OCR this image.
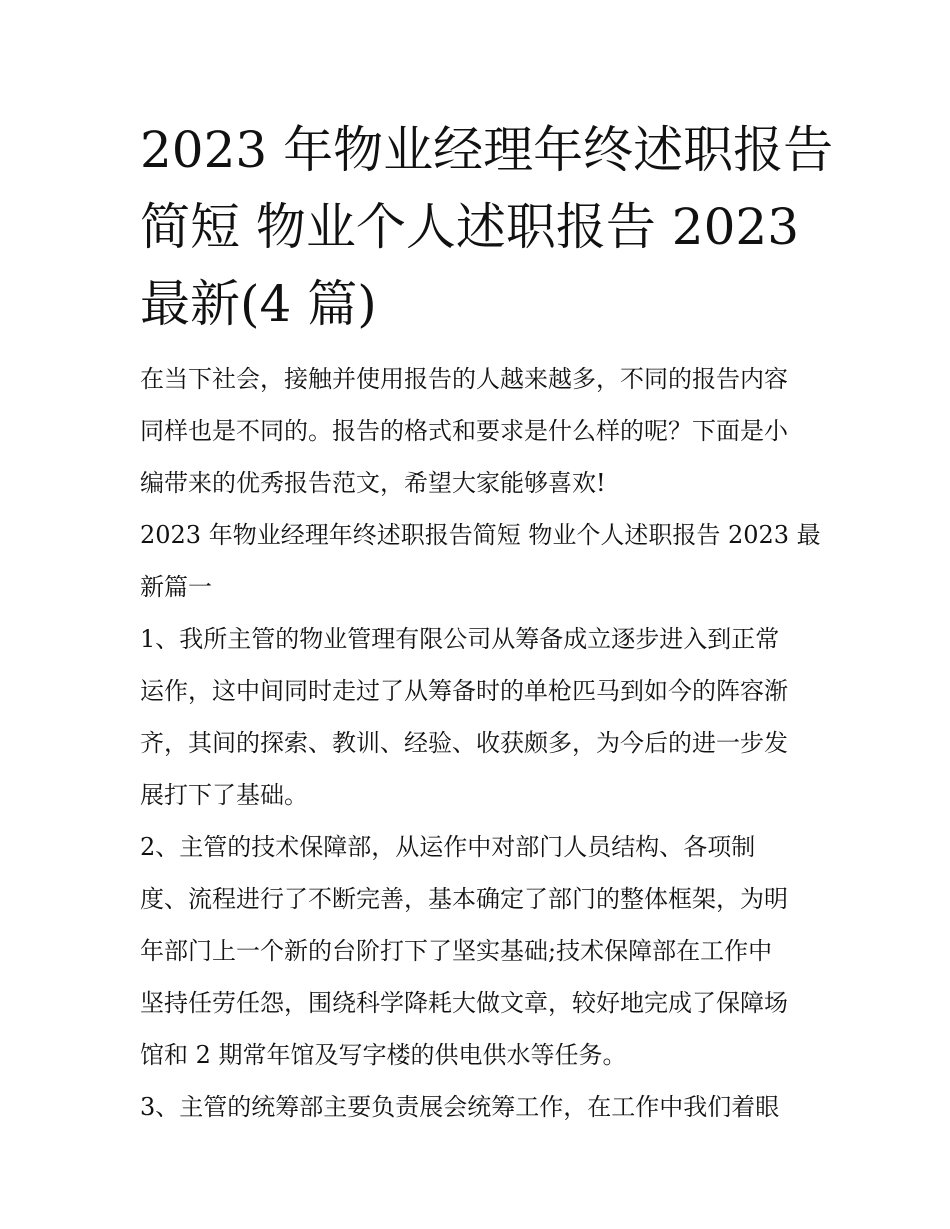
2023 年物业经理年终述职报告
简短 物业个人述职报告 2023
最新(4 篇)

在当下社会，接触并使用报告的人越来越多，不同的报告内容
同样也是不同的。报告的格式和要求是什么样的呢？下面是小
编带来的优秀报告范文，希望大家能够喜欢!

2023 年物业经理年终述职报告简短 物业个人述职报告 2023 最
新篇一

1、我所主管的物业管理有限公司从筹备成立逐步进入到正常
运作，这中间同时走过了从筹备时的单枪匹马到如今的阵容渐
齐，其间的探索、教训、经验、收获颇多，为今后的进一步发
展打下了基础。

2、主管的技术保障部，从运作中对部门人员结构、各项制
度、流程进行了不断完善，基本确定了部门的整体框架，为明
年部门上一个新的台阶打下了坚实基础;技术保障部在工作中
坚持任劳任怨，围绕科学降耗大做文章，较好地完成了保障场
馆和 2 期常年馆及写字楼的供电供水等任务。

3、主管的统筹部主要负责展会统筹工作，在工作中我们着眼
